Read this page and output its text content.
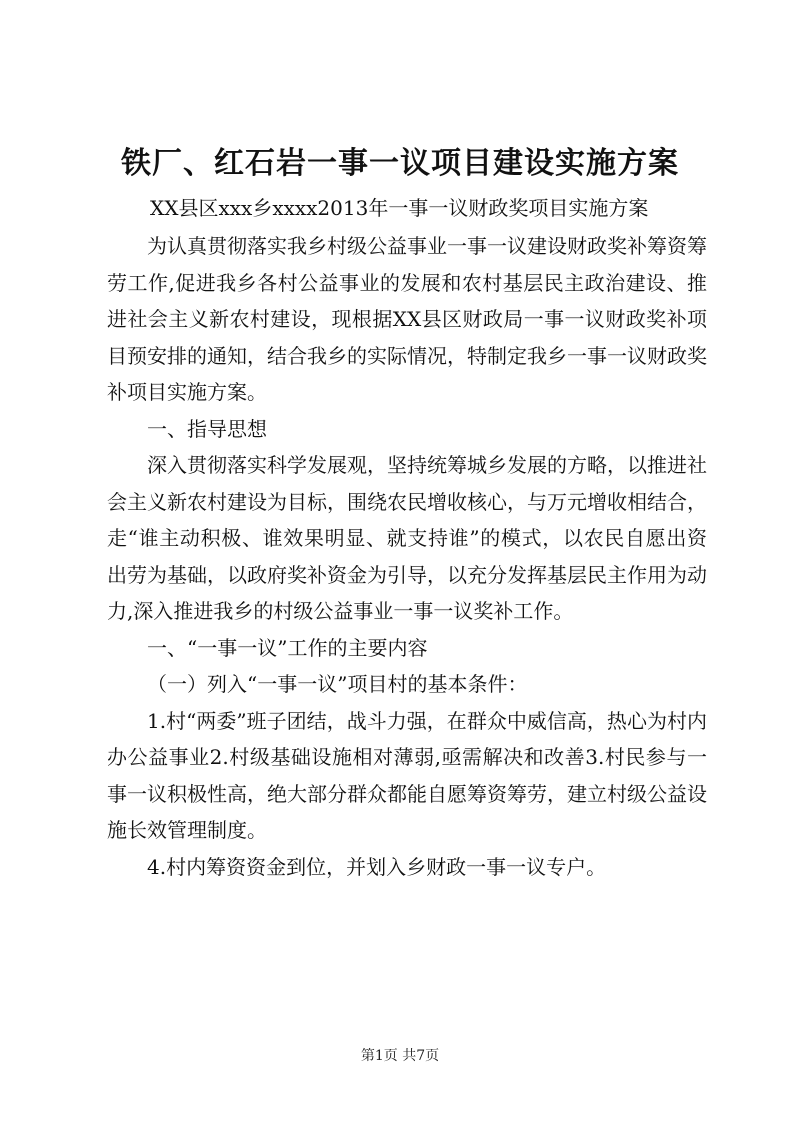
铁厂、红石岩一事一议项目建设实施方案
XX县区xxx乡xxxx2013年一事一议财政奖项目实施方案

为认真贯彻落实我乡村级公益事业一事一议建设财政奖补筹资筹劳工作,促进我乡各村公益事业的发展和农村基层民主政治建设、推进社会主义新农村建设，现根据XX县区财政局一事一议财政奖补项目预安排的通知，结合我乡的实际情况，特制定我乡一事一议财政奖补项目实施方案。

一、指导思想

深入贯彻落实科学发展观，坚持统筹城乡发展的方略，以推进社会主义新农村建设为目标，围绕农民增收核心，与万元增收相结合，走“谁主动积极、谁效果明显、就支持谁”的模式，以农民自愿出资出劳为基础，以政府奖补资金为引导，以充分发挥基层民主作用为动力,深入推进我乡的村级公益事业一事一议奖补工作。

一、“一事一议”工作的主要内容

（一）列入“一事一议”项目村的基本条件：

1.村“两委”班子团结，战斗力强，在群众中威信高，热心为村内办公益事业2.村级基础设施相对薄弱,亟需解决和改善3.村民参与一事一议积极性高，绝大部分群众都能自愿筹资筹劳，建立村级公益设施长效管理制度。

4.村内筹资资金到位，并划入乡财政一事一议专户。

第1页 共7页
